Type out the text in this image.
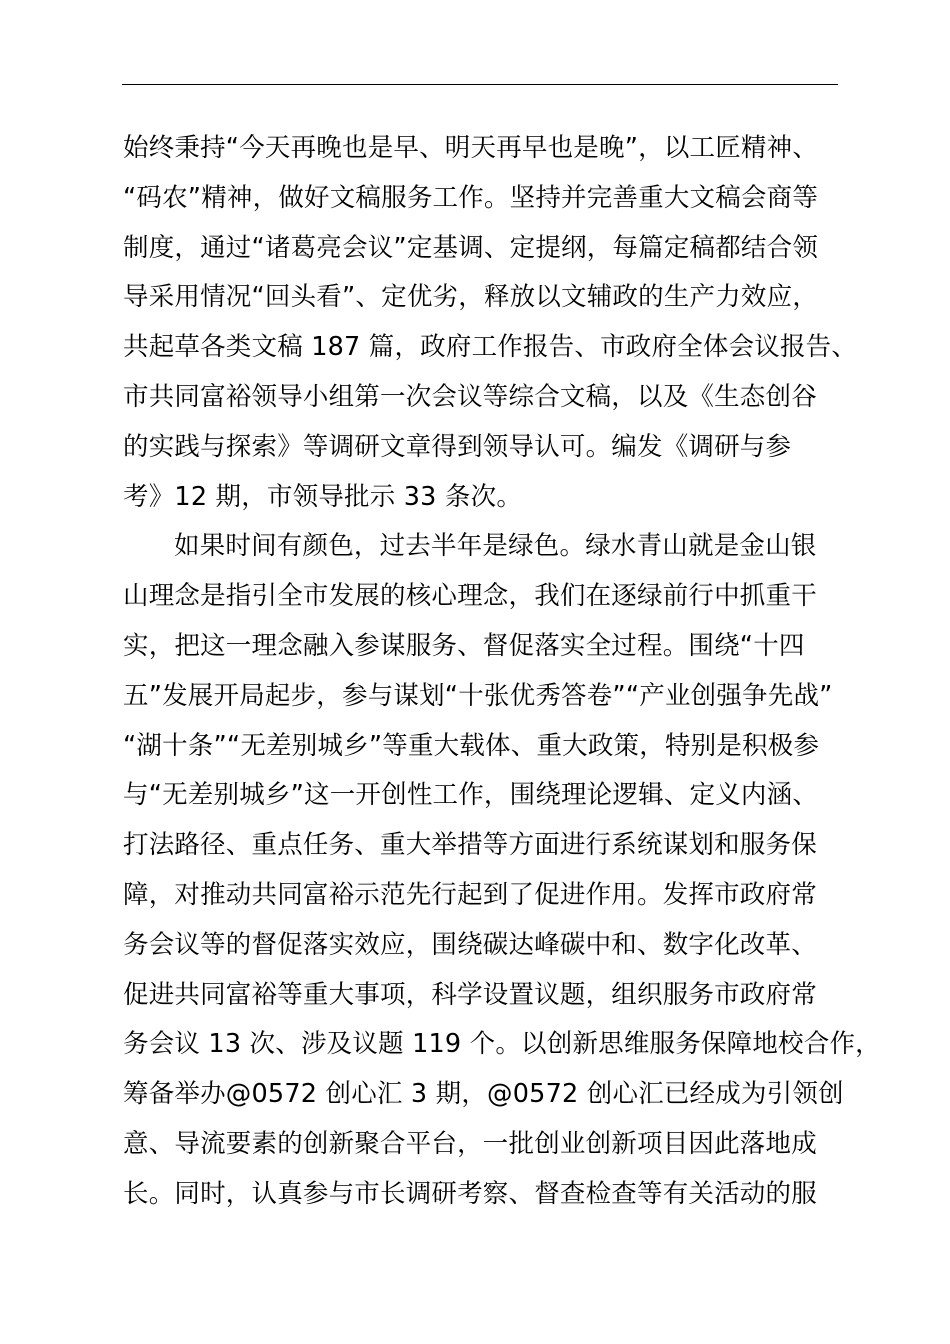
始终秉持“今天再晚也是早、明天再早也是晚”，以工匠精神、
“码农”精神，做好文稿服务工作。坚持并完善重大文稿会商等
制度，通过“诸葛亮会议”定基调、定提纲，每篇定稿都结合领
导采用情况“回头看”、定优劣，释放以文辅政的生产力效应，
共起草各类文稿 187 篇，政府工作报告、市政府全体会议报告、
市共同富裕领导小组第一次会议等综合文稿，以及《生态创谷
的实践与探索》等调研文章得到领导认可。编发《调研与参
考》12 期，市领导批示 33 条次。
如果时间有颜色，过去半年是绿色。绿水青山就是金山银
山理念是指引全市发展的核心理念，我们在逐绿前行中抓重干
实，把这一理念融入参谋服务、督促落实全过程。围绕“十四
五”发展开局起步，参与谋划“十张优秀答卷”“产业创强争先战”
“湖十条”“无差别城乡”等重大载体、重大政策，特别是积极参
与“无差别城乡”这一开创性工作，围绕理论逻辑、定义内涵、
打法路径、重点任务、重大举措等方面进行系统谋划和服务保
障，对推动共同富裕示范先行起到了促进作用。发挥市政府常
务会议等的督促落实效应，围绕碳达峰碳中和、数字化改革、
促进共同富裕等重大事项，科学设置议题，组织服务市政府常
务会议 13 次、涉及议题 119 个。以创新思维服务保障地校合作，
筹备举办@0572 创心汇 3 期，@0572 创心汇已经成为引领创
意、导流要素的创新聚合平台，一批创业创新项目因此落地成
长。同时，认真参与市长调研考察、督查检查等有关活动的服
